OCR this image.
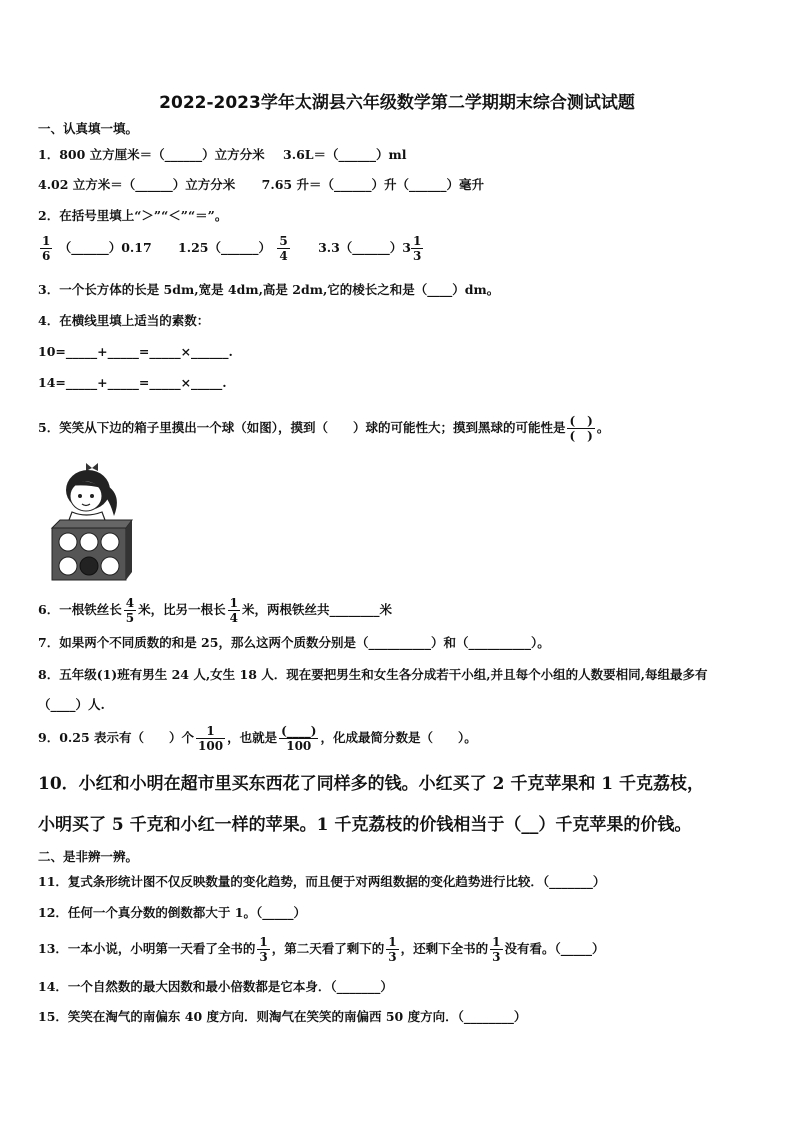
2022-2023学年太湖县六年级数学第二学期期末综合测试试题
一、认真填一填。
1．800 立方厘米＝（______）立方分米 3.6L＝（______）ml
4.02 立方米＝（______）立方分米 7.65 升＝（______）升（______）毫升
2．在括号里填上“＞”“＜”“＝”。
$\frac{1}{6}$ （______）0.17 1.25（______） $\frac{5}{4}$ 3.3（______）3 $\frac{1}{3}$
3．一个长方体的长是 5dm,宽是 4dm,高是 2dm,它的棱长之和是（____）dm。
4．在横线里填上适当的素数：
10=_____+_____=_____×______.
14=_____+_____=_____×_____.
5．笑笑从下边的箱子里摸出一个球（如图），摸到（　　）球的可能性大；摸到黑球的可能性是 $\frac{( )}{( )}$ 。
6．一根铁丝长 $\frac{4}{5}$ 米，比另一根长 $\frac{1}{4}$ 米，两根铁丝共________米
7．如果两个不同质数的和是 25，那么这两个质数分别是（__________）和（__________）。
8．五年级(1)班有男生 24 人,女生 18 人．现在要把男生和女生各分成若干小组,并且每个小组的人数要相同,每组最多有
（____）人.
9．0.25 表示有（　　）个 $\frac{1}{100}$ ，也就是 $\frac{(\_\_\_\_)}{100}$ ，化成最简分数是（　　）。
10．小红和小明在超市里买东西花了同样多的钱。小红买了 2 千克苹果和 1 千克荔枝，
小明买了 5 千克和小红一样的苹果。1 千克荔枝的价钱相当于（__）千克苹果的价钱。
二、是非辨一辨。
11．复式条形统计图不仅反映数量的变化趋势，而且便于对两组数据的变化趋势进行比较．（_______）
12．任何一个真分数的倒数都大于 1。（_____）
13．一本小说，小明第一天看了全书的 $\frac{1}{3}$ ，第二天看了剩下的 $\frac{1}{3}$ ，还剩下全书的 $\frac{1}{3}$ 没有看。（_____）
14．一个自然数的最大因数和最小倍数都是它本身．（_______）
15．笑笑在淘气的南偏东 40 度方向．则淘气在笑笑的南偏西 50 度方向．（________）
